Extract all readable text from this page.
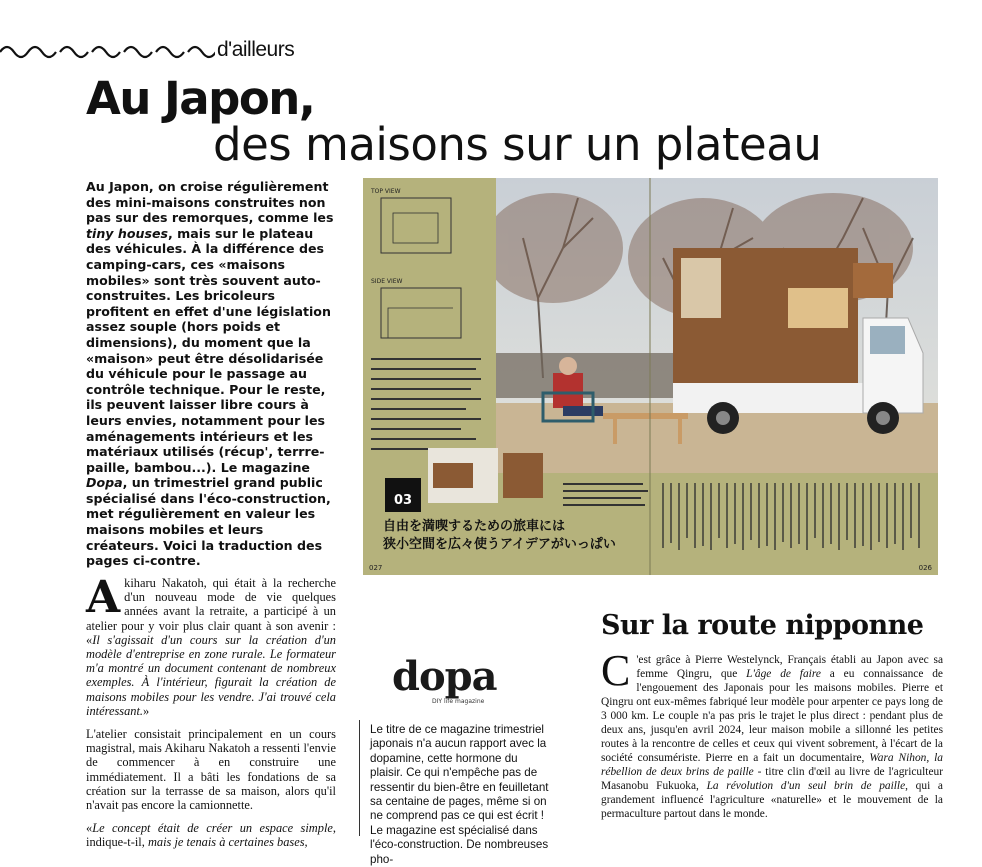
d'ailleurs
Au Japon,
des maisons sur un plateau
Au Japon, on croise régulièrement des mini-maisons construites non pas sur des remorques, comme les tiny houses, mais sur le plateau des véhicules. À la différence des camping-cars, ces «maisons mobiles» sont très souvent auto-construites. Les bricoleurs profitent en effet d'une législation assez souple (hors poids et dimensions), du moment que la «maison» peut être désolidarisée du véhicule pour le passage au contrôle technique. Pour le reste, ils peuvent laisser libre cours à leurs envies, notamment pour les aménagements intérieurs et les matériaux utilisés (récup', terrre-paille, bambou...). Le magazine Dopa, un trimestriel grand public spécialisé dans l'éco-construction, met régulièrement en valeur les maisons mobiles et leurs créateurs. Voici la traduction des pages ci-contre.
TOP VIEW
SIDE VIEW
03
自由を満喫するための旅車には
狭小空間を広々使うアイデアがいっぱい
027	026

Akiharu Nakatoh, qui était à la recherche d'un nouveau mode de vie quelques années avant la retraite, a participé à un atelier pour y voir plus clair quant à son avenir : «Il s'agissait d'un cours sur la création d'un modèle d'entreprise en zone rurale. Le formateur m'a montré un document contenant de nombreux exemples. À l'intérieur, figurait la création de maisons mobiles pour les vendre. J'ai trouvé cela intéressant.»

L'atelier consistait principalement en un cours magistral, mais Akiharu Nakatoh a ressenti l'envie de commencer à en construire une immédiatement. Il a bâti les fondations de sa création sur la terrasse de sa maison, alors qu'il n'avait pas encore la camionnette.

«Le concept était de créer un espace simple, indique-t-il, mais je tenais à certaines bases,

dopa
DIY life magazine
Le titre de ce magazine trimestriel japonais n'a aucun rapport avec la dopamine, cette hormone du plaisir. Ce qui n'empêche pas de ressentir du bien-être en feuilletant sa centaine de pages, même si on ne comprend pas ce qui est écrit ! Le magazine est spécialisé dans l'éco-construction. De nombreuses pho-
Sur la route nipponne
C 'est grâce à Pierre Westelynck, Français établi au Japon avec sa femme Qingru, que L'âge de faire a eu connaissance de l'engouement des Japonais pour les maisons mobiles. Pierre et Qingru ont eux-mêmes fabriqué leur modèle pour arpenter ce pays long de 3 000 km. Le couple n'a pas pris le trajet le plus direct : pendant plus de deux ans, jusqu'en avril 2024, leur maison mobile a sillonné les petites routes à la rencontre de celles et ceux qui vivent sobrement, à l'écart de la société consumériste. Pierre en a fait un documentaire, Wara Nihon, la rébellion de deux brins de paille - titre clin d'œil au livre de l'agriculteur Masanobu Fukuoka, La révolution d'un seul brin de paille, qui a grandement influencé l'agriculture «naturelle» et le mouvement de la permaculture partout dans le monde.
